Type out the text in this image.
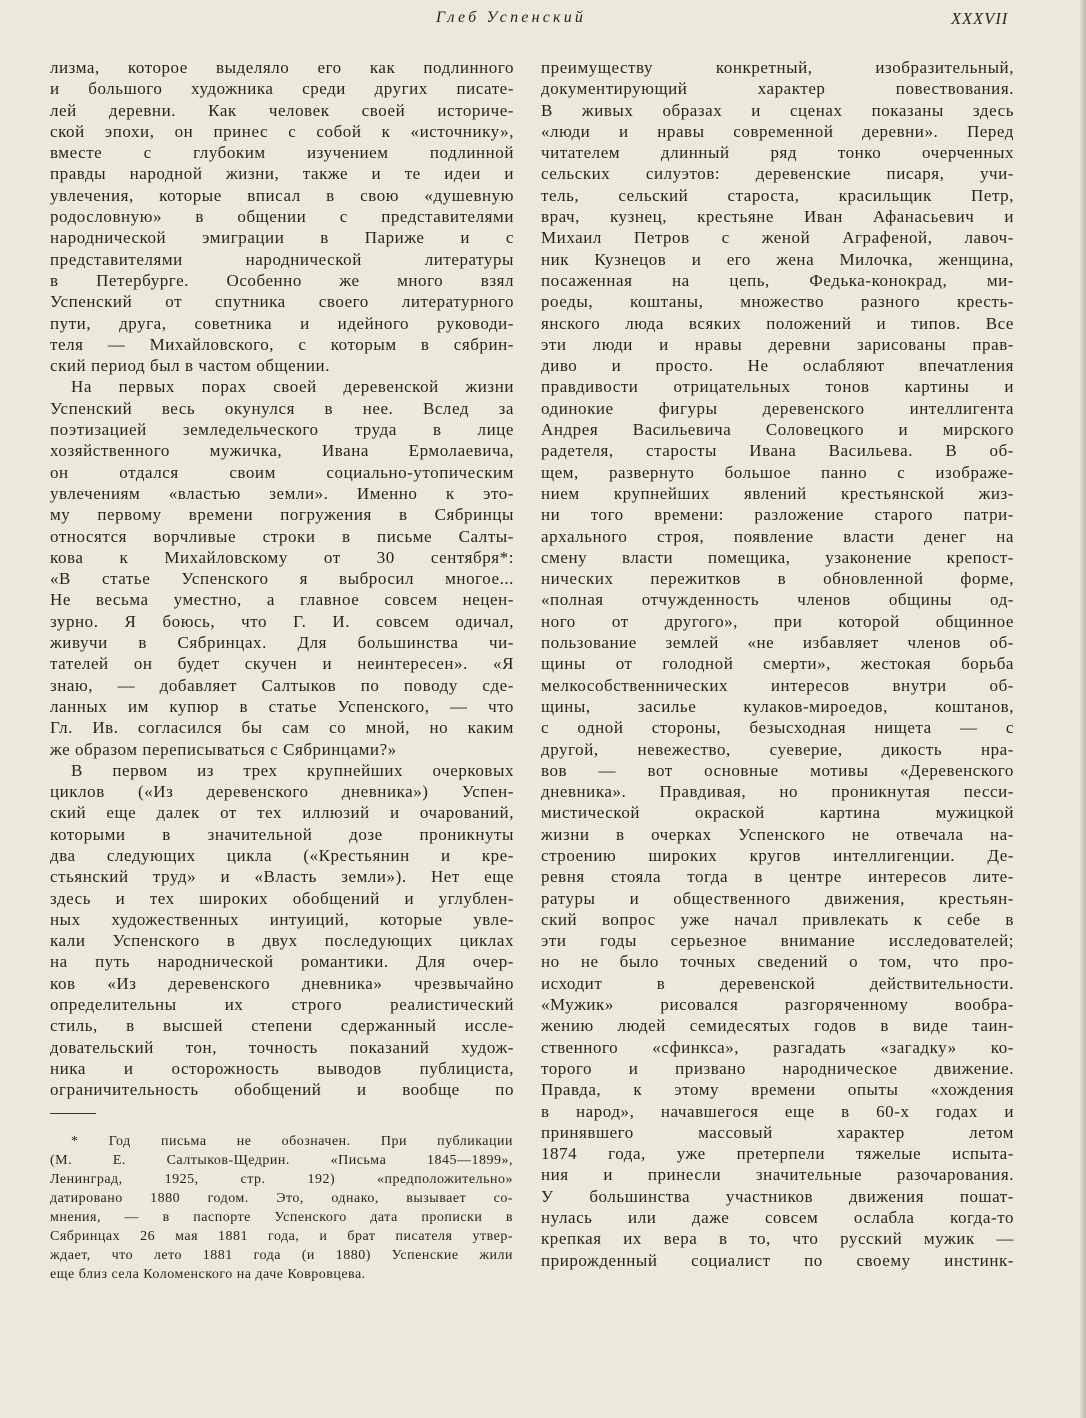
Глеб Успенский	XXXVII
лизма, которое выделяло его как подлинного
и большого художника среди других писате-
лей деревни. Как человек своей историче-
ской эпохи, он принес с собой к «источнику»,
вместе с глубоким изучением подлинной
правды народной жизни, также и те идеи и
увлечения, которые вписал в свою «душевную
родословную» в общении с представителями
народнической эмиграции в Париже и с
представителями народнической литературы
в Петербурге. Особенно же много взял
Успенский от спутника своего литературного
пути, друга, советника и идейного руководи-
теля — Михайловского, с которым в сябрин-
ский период был в частом общении.
На первых порах своей деревенской жизни
Успенский весь окунулся в нее. Вслед за
поэтизацией земледельческого труда в лице
хозяйственного мужичка, Ивана Ермолаевича,
он отдался своим социально-утопическим
увлечениям «властью земли». Именно к это-
му первому времени погружения в Сябринцы
относятся ворчливые строки в письме Салты-
кова к Михайловскому от 30 сентября*:
«В статье Успенского я выбросил многое...
Не весьма уместно, а главное совсем нецен-
зурно. Я боюсь, что Г. И. совсем одичал,
живучи в Сябринцах. Для большинства чи-
тателей он будет скучен и неинтересен». «Я
знаю, — добавляет Салтыков по поводу сде-
ланных им купюр в статье Успенского, — что
Гл. Ив. согласился бы сам со мной, но каким
же образом переписываться с Сябринцами?»
В первом из трех крупнейших очерковых
циклов («Из деревенского дневника») Успен-
ский еще далек от тех иллюзий и очарований,
которыми в значительной дозе проникнуты
два следующих цикла («Крестьянин и кре-
стьянский труд» и «Власть земли»). Нет еще
здесь и тех широких обобщений и углублен-
ных художественных интуиций, которые увле-
кали Успенского в двух последующих циклах
на путь народнической романтики. Для очер-
ков «Из деревенского дневника» чрезвычайно
определительны их строго реалистический
стиль, в высшей степени сдержанный иссле-
довательский тон, точность показаний худож-
ника и осторожность выводов публициста,
ограничительность обобщений и вообще по
преимуществу конкретный, изобразительный,
документирующий характер повествования.
В живых образах и сценах показаны здесь
«люди и нравы современной деревни». Перед
читателем длинный ряд тонко очерченных
сельских силуэтов: деревенские писаря, учи-
тель, сельский староста, красильщик Петр,
врач, кузнец, крестьяне Иван Афанасьевич и
Михаил Петров с женой Аграфеной, лавоч-
ник Кузнецов и его жена Милочка, женщина,
посаженная на цепь, Федька-конокрад, ми-
роеды, коштаны, множество разного кресть-
янского люда всяких положений и типов. Все
эти люди и нравы деревни зарисованы прав-
диво и просто. Не ослабляют впечатления
правдивости отрицательных тонов картины и
одинокие фигуры деревенского интеллигента
Андрея Васильевича Соловецкого и мирского
радетеля, старосты Ивана Васильева. В об-
щем, развернуто большое панно с изображе-
нием крупнейших явлений крестьянской жиз-
ни того времени: разложение старого патри-
архального строя, появление власти денег на
смену власти помещика, узаконение крепост-
нических пережитков в обновленной форме,
«полная отчужденность членов общины од-
ного от другого», при которой общинное
пользование землей «не избавляет членов об-
щины от голодной смерти», жестокая борьба
мелкособственнических интересов внутри об-
щины, засилье кулаков-мироедов, коштанов,
с одной стороны, безысходная нищета — с
другой, невежество, суеверие, дикость нра-
вов — вот основные мотивы «Деревенского
дневника». Правдивая, но проникнутая песси-
мистической окраской картина мужицкой
жизни в очерках Успенского не отвечала на-
строению широких кругов интеллигенции. Де-
ревня стояла тогда в центре интересов лите-
ратуры и общественного движения, крестьян-
ский вопрос уже начал привлекать к себе в
эти годы серьезное внимание исследователей;
но не было точных сведений о том, что про-
исходит в деревенской действительности.
«Мужик» рисовался разгоряченному вообра-
жению людей семидесятых годов в виде таин-
ственного «сфинкса», разгадать «загадку» ко-
торого и призвано народническое движение.
Правда, к этому времени опыты «хождения
в народ», начавшегося еще в 60-х годах и
принявшего массовый характер летом
1874 года, уже претерпели тяжелые испыта-
ния и принесли значительные разочарования.
У большинства участников движения пошат-
нулась или даже совсем ослабла когда-то
крепкая их вера в то, что русский мужик —
прирожденный социалист по своему инстинк-
* Год письма не обозначен. При публикации
(М. Е. Салтыков-Щедрин. «Письма 1845—1899»,
Ленинград, 1925, стр. 192) «предположительно»
датировано 1880 годом. Это, однако, вызывает со-
мнения, — в паспорте Успенского дата прописки в
Сябринцах 26 мая 1881 года, и брат писателя утвер-
ждает, что лето 1881 года (и 1880) Успенские жили
еще близ села Коломенского на даче Ковровцева.
